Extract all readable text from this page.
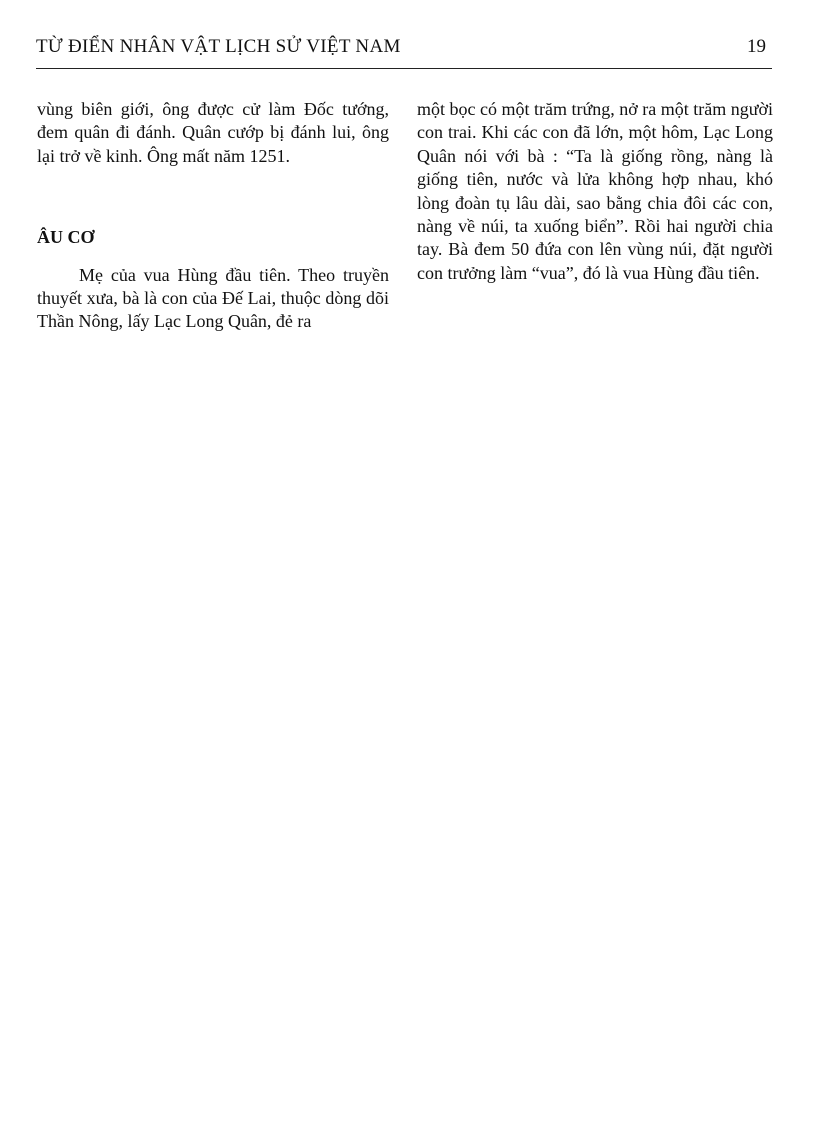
TỪ ĐIỂN NHÂN VẬT LỊCH SỬ VIỆT NAM	19

vùng biên giới, ông được cử làm Đốc tướng, đem quân đi đánh. Quân cướp bị đánh lui, ông lại trở về kinh. Ông mất năm 1251.

ÂU CƠ

Mẹ của vua Hùng đầu tiên. Theo truyền thuyết xưa, bà là con của Đế Lai, thuộc dòng dõi Thần Nông, lấy Lạc Long Quân, đẻ ra

một bọc có một trăm trứng, nở ra một trăm người con trai. Khi các con đã lớn, một hôm, Lạc Long Quân nói với bà : “Ta là giống rồng, nàng là giống tiên, nước và lửa không hợp nhau, khó lòng đoàn tụ lâu dài, sao bằng chia đôi các con, nàng về núi, ta xuống biển”. Rồi hai người chia tay. Bà đem 50 đứa con lên vùng núi, đặt người con trưởng làm “vua”, đó là vua Hùng đầu tiên.
